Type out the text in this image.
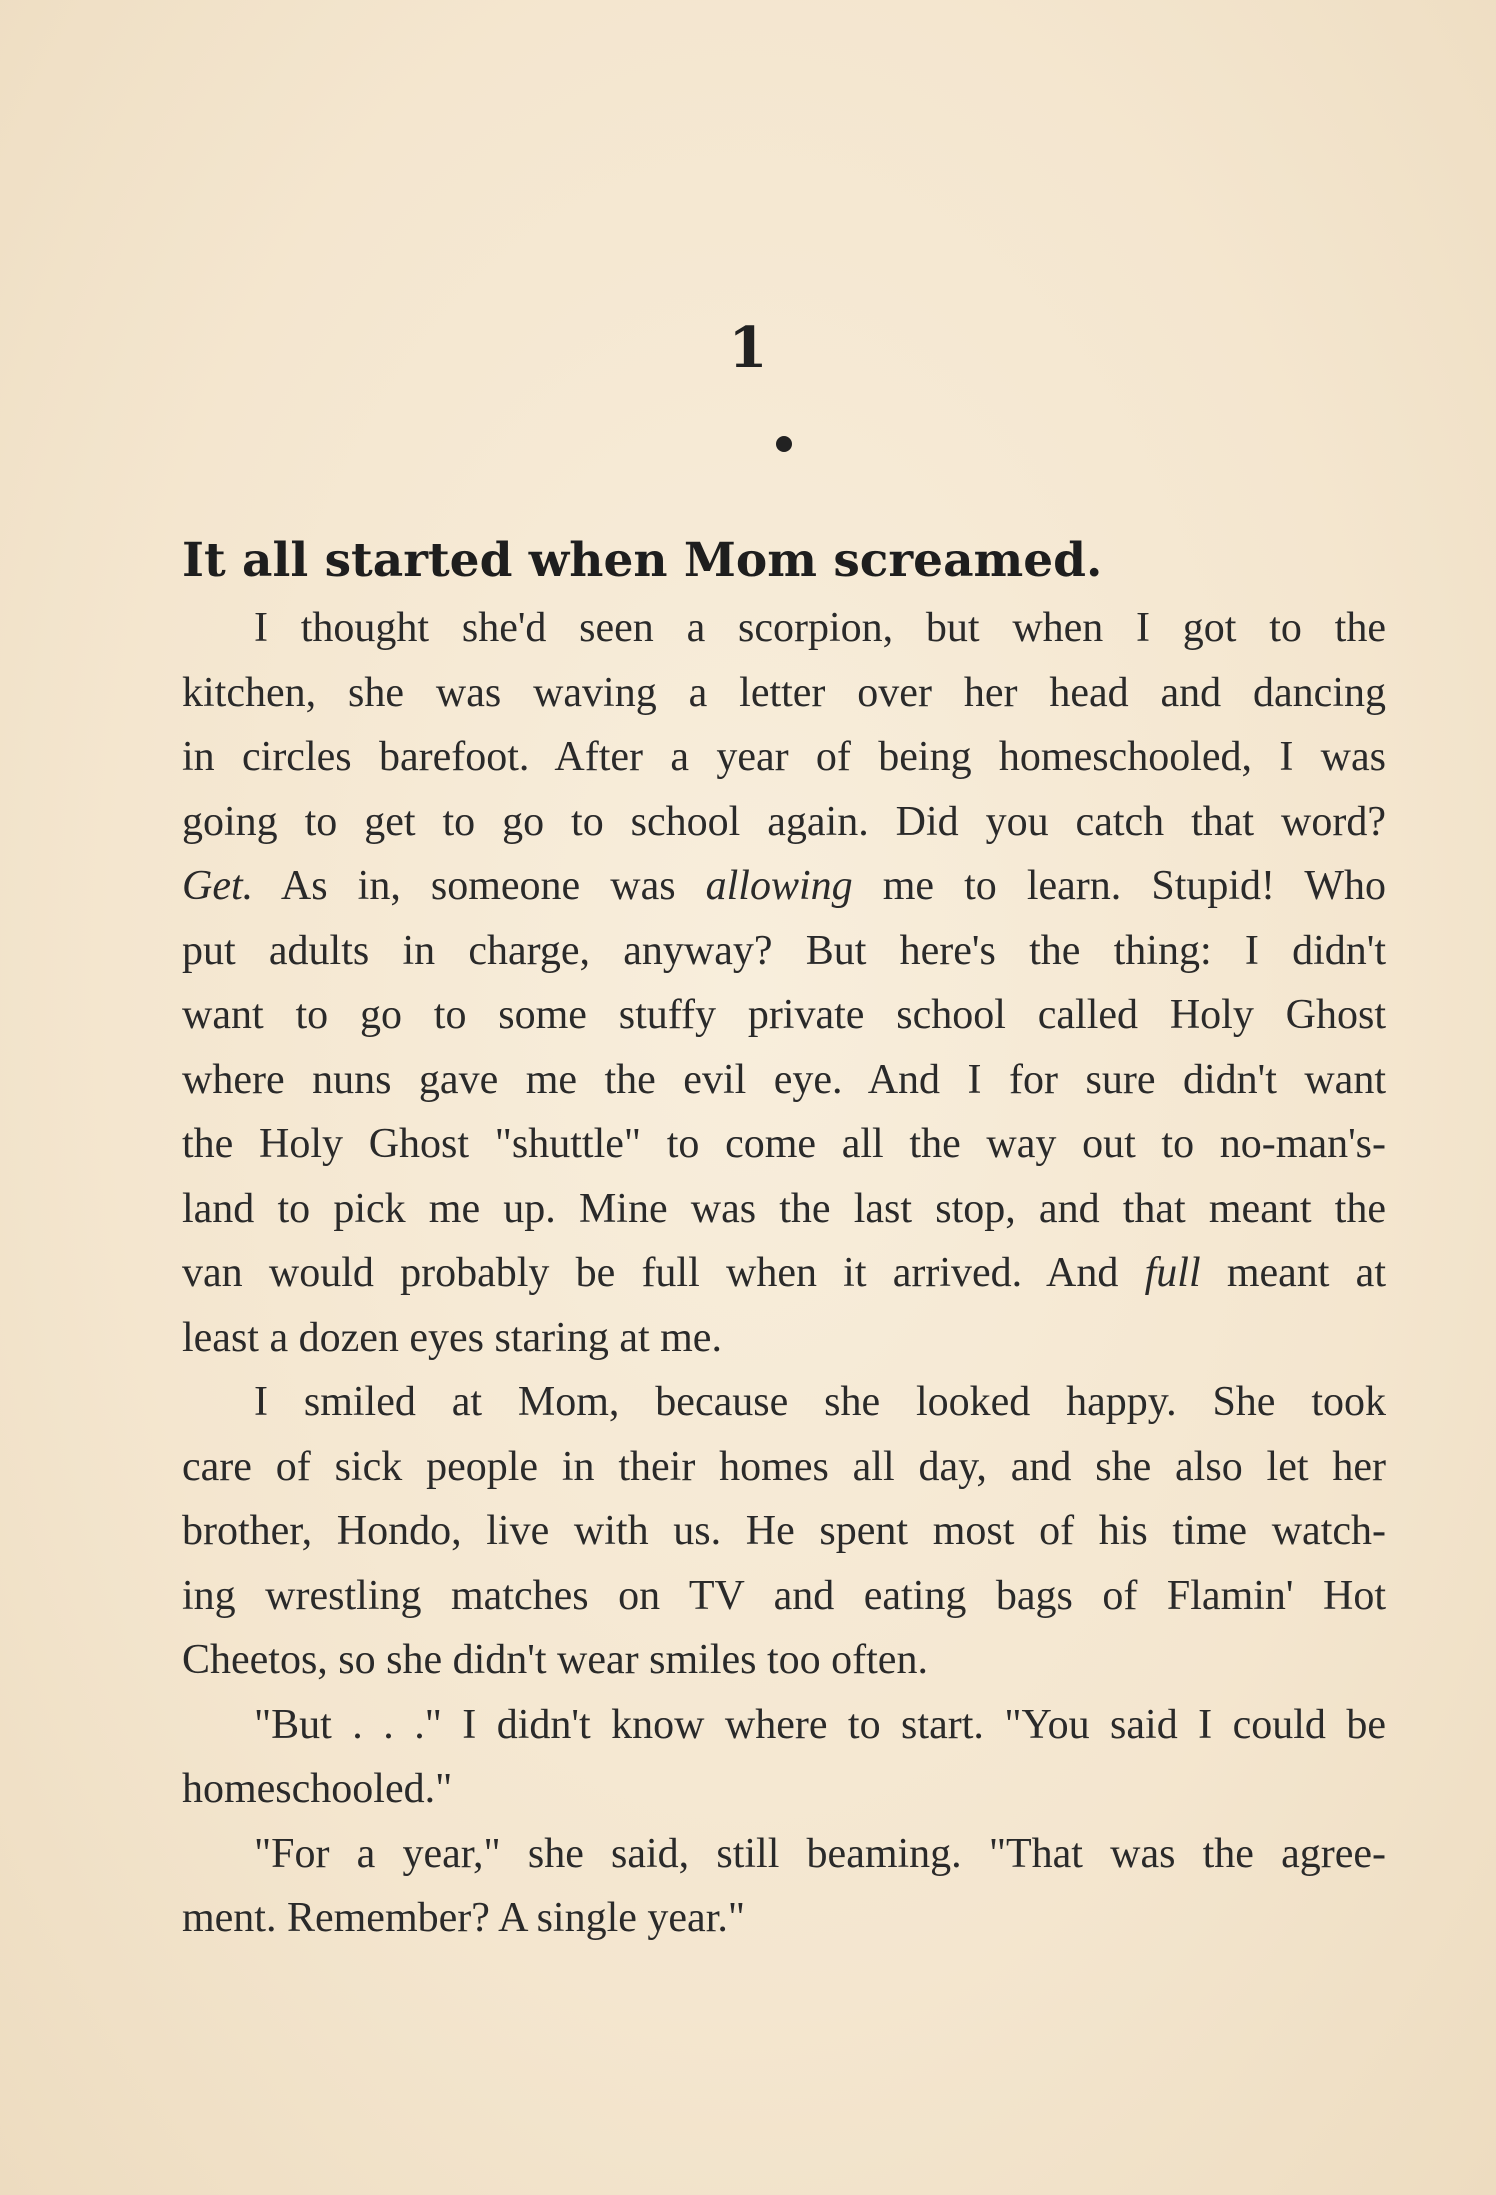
1
It all started when Mom screamed.
I thought she'd seen a scorpion, but when I got to the
kitchen, she was waving a letter over her head and dancing
in circles barefoot. After a year of being homeschooled, I was
going to get to go to school again. Did you catch that word?
Get. As in, someone was allowing me to learn. Stupid! Who
put adults in charge, anyway? But here's the thing: I didn't
want to go to some stuffy private school called Holy Ghost
where nuns gave me the evil eye. And I for sure didn't want
the Holy Ghost "shuttle" to come all the way out to no-man's-
land to pick me up. Mine was the last stop, and that meant the
van would probably be full when it arrived. And full meant at
least a dozen eyes staring at me.
I smiled at Mom, because she looked happy. She took
care of sick people in their homes all day, and she also let her
brother, Hondo, live with us. He spent most of his time watch-
ing wrestling matches on TV and eating bags of Flamin' Hot
Cheetos, so she didn't wear smiles too often.
"But . . ." I didn't know where to start. "You said I could be
homeschooled."
"For a year," she said, still beaming. "That was the agree-
ment. Remember? A single year."
